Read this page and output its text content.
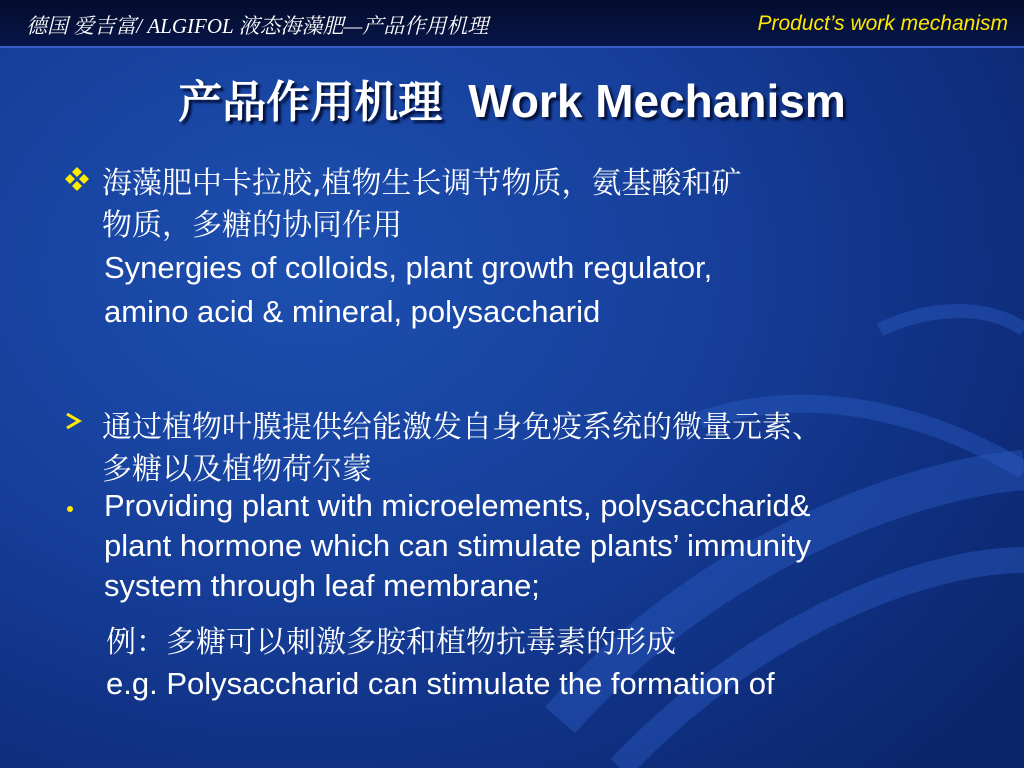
德国 爱吉富/ ALGIFOL 液态海藻肥—产品作用机理	Product’s work mechanism
产品作用机理 Work Mechanism
海藻肥中卡拉胶,植物生长调节物质，氨基酸和矿
物质，多糖的协同作用
Synergies of colloids, plant growth regulator,
amino acid & mineral, polysaccharid
通过植物叶膜提供给能激发自身免疫系统的微量元素、
多糖以及植物荷尔蒙
Providing plant with microelements, polysaccharid&
plant hormone which can stimulate plants’ immunity
system through leaf membrane;
例：多糖可以刺激多胺和植物抗毒素的形成
e.g. Polysaccharid can stimulate the formation of
